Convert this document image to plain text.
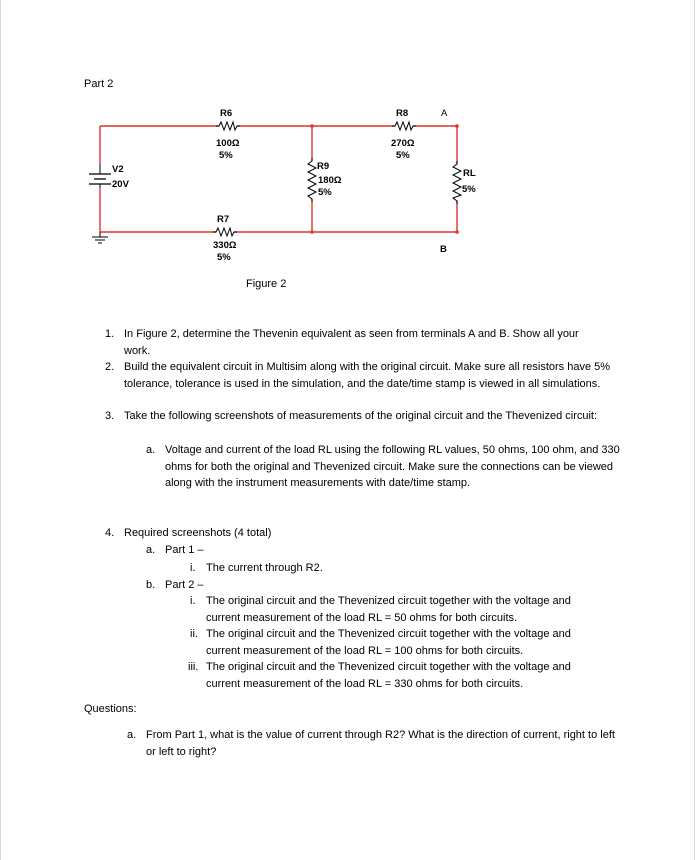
Part 2
R6
100Ω
5%
R8
270Ω
5%
A
B
R9
180Ω
5%
RL
5%
V2
20V
R7
330Ω
5%
Figure 2
1. In Figure 2, determine the Thevenin equivalent as seen from terminals A and B. Show all your work.
2. Build the equivalent circuit in Multisim along with the original circuit. Make sure all resistors have 5% tolerance, tolerance is used in the simulation, and the date/time stamp is viewed in all simulations.
3. Take the following screenshots of measurements of the original circuit and the Thevenized circuit:
a. Voltage and current of the load RL using the following RL values, 50 ohms, 100 ohm, and 330 ohms for both the original and Thevenized circuit. Make sure the connections can be viewed along with the instrument measurements with date/time stamp.
4. Required screenshots (4 total)
a. Part 1 –
i. The current through R2.
b. Part 2 –
i. The original circuit and the Thevenized circuit together with the voltage and current measurement of the load RL = 50 ohms for both circuits.
ii. The original circuit and the Thevenized circuit together with the voltage and current measurement of the load RL = 100 ohms for both circuits.
iii. The original circuit and the Thevenized circuit together with the voltage and current measurement of the load RL = 330 ohms for both circuits.
Questions:
a. From Part 1, what is the value of current through R2? What is the direction of current, right to left or left to right?
